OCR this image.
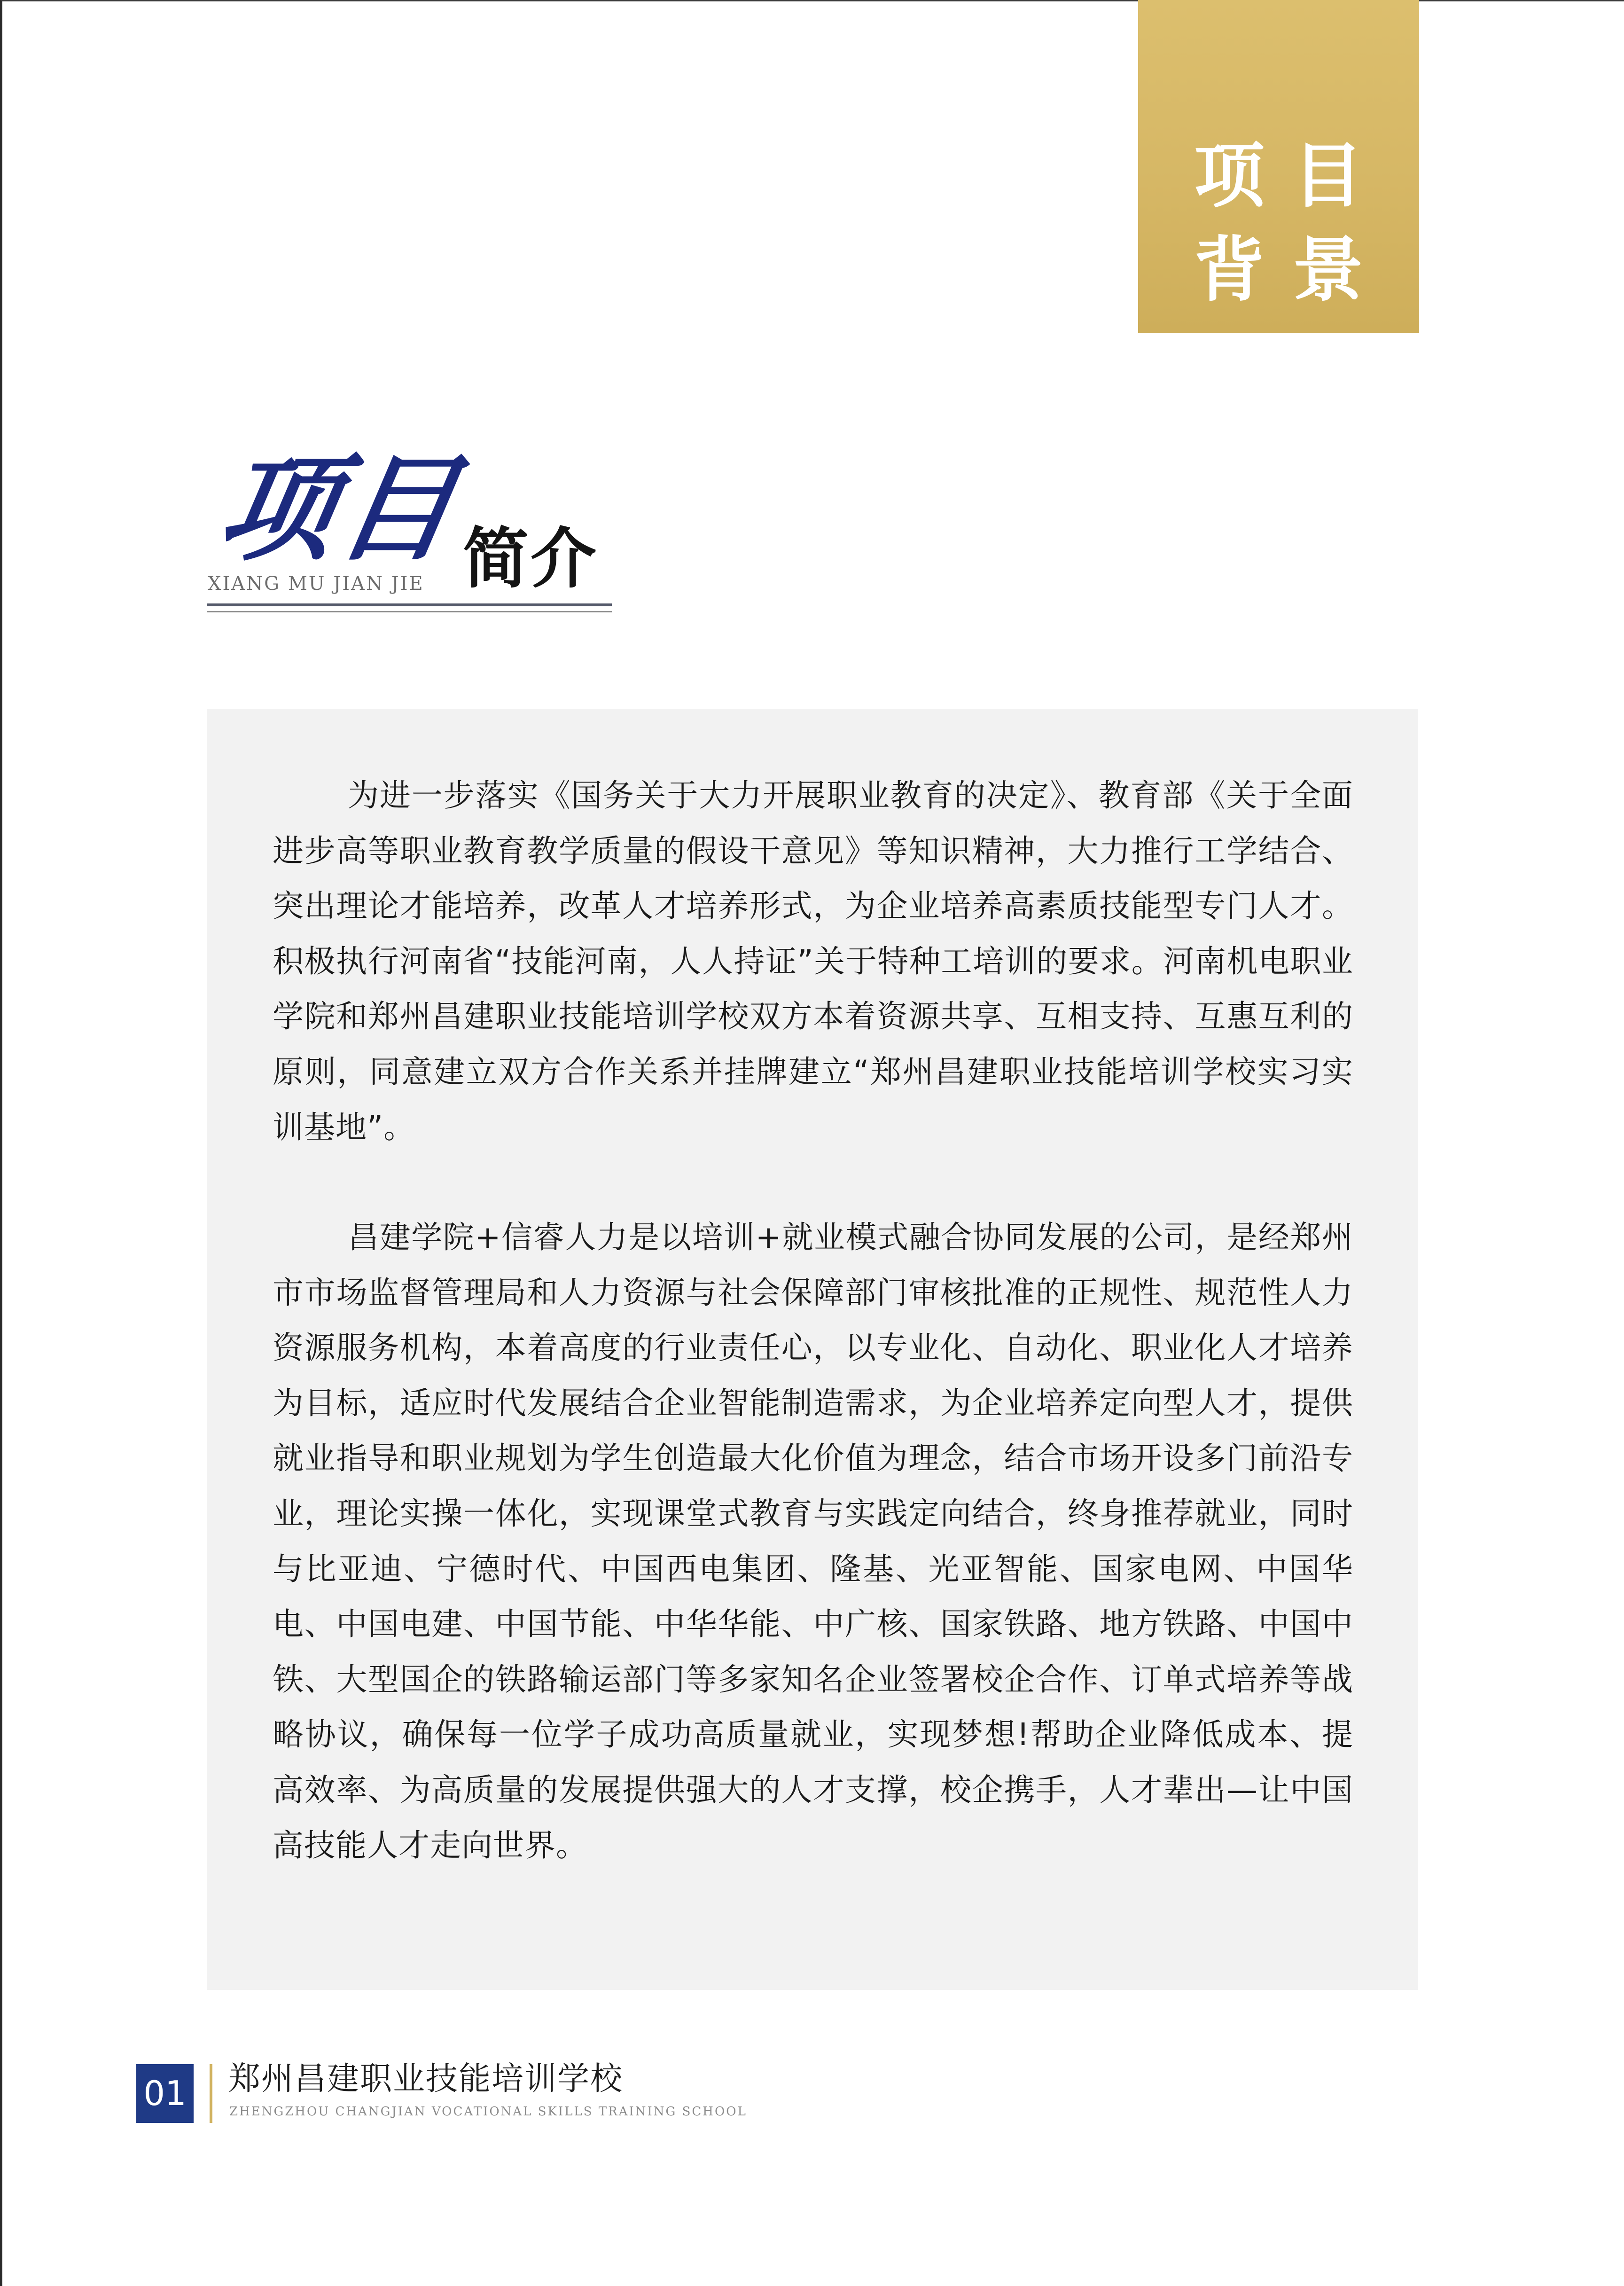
项目
背景
项目
简介
XIANG MU JIAN JIE

为进一步落实《国务关于大力开展职业教育的决定》、教育部《关于全面进步高等职业教育教学质量的假设干意见》等知识精神，大力推行工学结合、突出理论才能培养，改革人才培养形式，为企业培养高素质技能型专门人才。积极执行河南省“技能河南，人人持证”关于特种工培训的要求。河南机电职业学院和郑州昌建职业技能培训学校双方本着资源共享、互相支持、互惠互利的原则，同意建立双方合作关系并挂牌建立“郑州昌建职业技能培训学校实习实训基地”。

昌建学院+信睿人力是以培训+就业模式融合协同发展的公司，是经郑州市市场监督管理局和人力资源与社会保障部门审核批准的正规性、规范性人力资源服务机构，本着高度的行业责任心，以专业化、自动化、职业化人才培养为目标，适应时代发展结合企业智能制造需求，为企业培养定向型人才，提供就业指导和职业规划为学生创造最大化价值为理念，结合市场开设多门前沿专业，理论实操一体化，实现课堂式教育与实践定向结合，终身推荐就业，同时与比亚迪、宁德时代、中国西电集团、隆基、光亚智能、国家电网、中国华电、中国电建、中国节能、中华华能、中广核、国家铁路、地方铁路、中国中铁、大型国企的铁路输运部门等多家知名企业签署校企合作、订单式培养等战略协议，确保每一位学子成功高质量就业，实现梦想!帮助企业降低成本、提高效率、为高质量的发展提供强大的人才支撑，校企携手，人才辈出—让中国高技能人才走向世界。

01 郑州昌建职业技能培训学校
ZHENGZHOU CHANGJIAN VOCATIONAL SKILLS TRAINING SCHOOL
